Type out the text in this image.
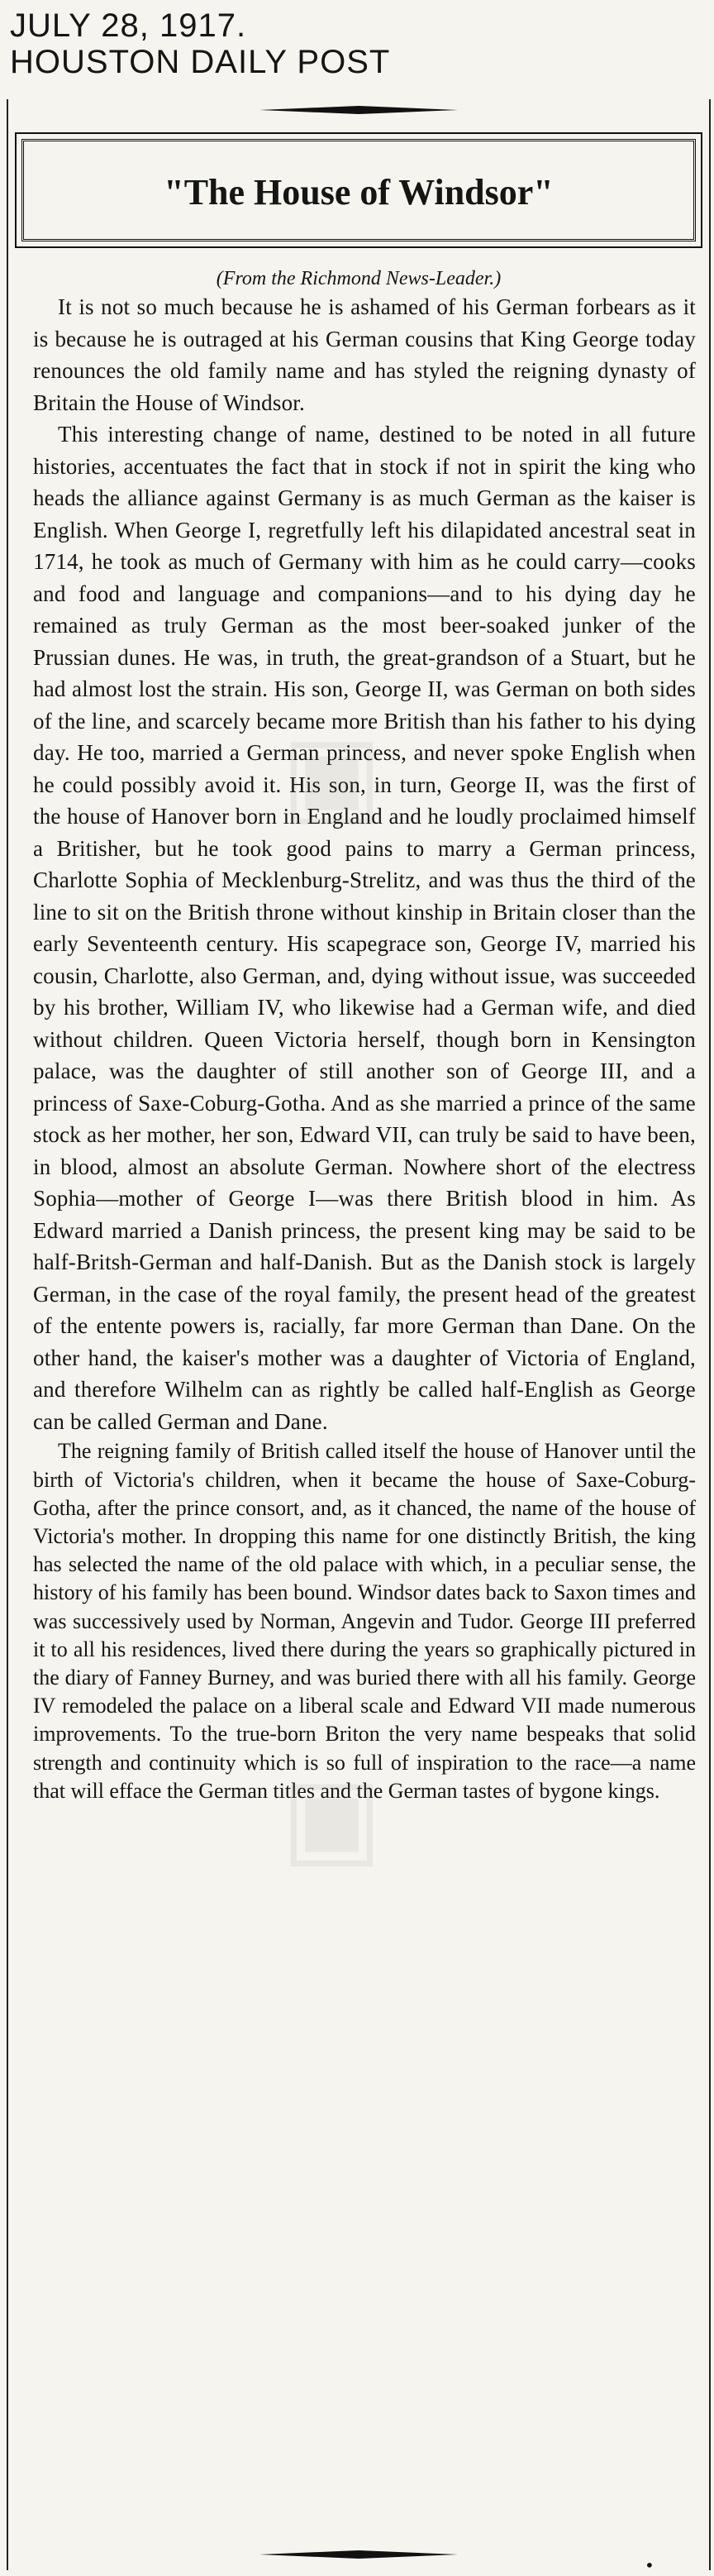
JULY 28, 1917.
HOUSTON DAILY POST
"The House of Windsor"
(From the Richmond News-Leader.)

It is not so much because he is ashamed of his German forbears as it is because he is outraged at his German cousins that King George today renounces the old family name and has styled the reigning dynasty of Britain the House of Windsor.

This interesting change of name, destined to be noted in all future histories, accentuates the fact that in stock if not in spirit the king who heads the alliance against Germany is as much German as the kaiser is English. When George I, regretfully left his dilapidated ancestral seat in 1714, he took as much of Germany with him as he could carry—cooks and food and language and companions—and to his dying day he remained as truly German as the most beer-soaked junker of the Prussian dunes. He was, in truth, the great-grandson of a Stuart, but he had almost lost the strain. His son, George II, was German on both sides of the line, and scarcely became more British than his father to his dying day. He too, married a German princess, and never spoke English when he could possibly avoid it. His son, in turn, George II, was the first of the house of Hanover born in England and he loudly proclaimed himself a Britisher, but he took good pains to marry a German princess, Charlotte Sophia of Mecklenburg-Strelitz, and was thus the third of the line to sit on the British throne without kinship in Britain closer than the early Seventeenth century. His scapegrace son, George IV, married his cousin, Charlotte, also German, and, dying without issue, was succeeded by his brother, William IV, who likewise had a German wife, and died without children. Queen Victoria herself, though born in Kensington palace, was the daughter of still another son of George III, and a princess of Saxe-Coburg-Gotha. And as she married a prince of the same stock as her mother, her son, Edward VII, can truly be said to have been, in blood, almost an absolute German. Nowhere short of the electress Sophia—mother of George I—was there British blood in him. As Edward married a Danish princess, the present king may be said to be half-Britsh-German and half-Danish. But as the Danish stock is largely German, in the case of the royal family, the present head of the greatest of the entente powers is, racially, far more German than Dane. On the other hand, the kaiser's mother was a daughter of Victoria of England, and therefore Wilhelm can as rightly be called half-English as George can be called German and Dane.

The reigning family of British called itself the house of Hanover until the birth of Victoria's children, when it became the house of Saxe-Coburg-Gotha, after the prince consort, and, as it chanced, the name of the house of Victoria's mother. In dropping this name for one distinctly British, the king has selected the name of the old palace with which, in a peculiar sense, the history of his family has been bound. Windsor dates back to Saxon times and was successively used by Norman, Angevin and Tudor. George III preferred it to all his residences, lived there during the years so graphically pictured in the diary of Fanney Burney, and was buried there with all his family. George IV remodeled the palace on a liberal scale and Edward VII made numerous improvements. To the true-born Briton the very name bespeaks that solid strength and continuity which is so full of inspiration to the race—a name that will efface the German titles and the German tastes of bygone kings.

▣
▣
•
